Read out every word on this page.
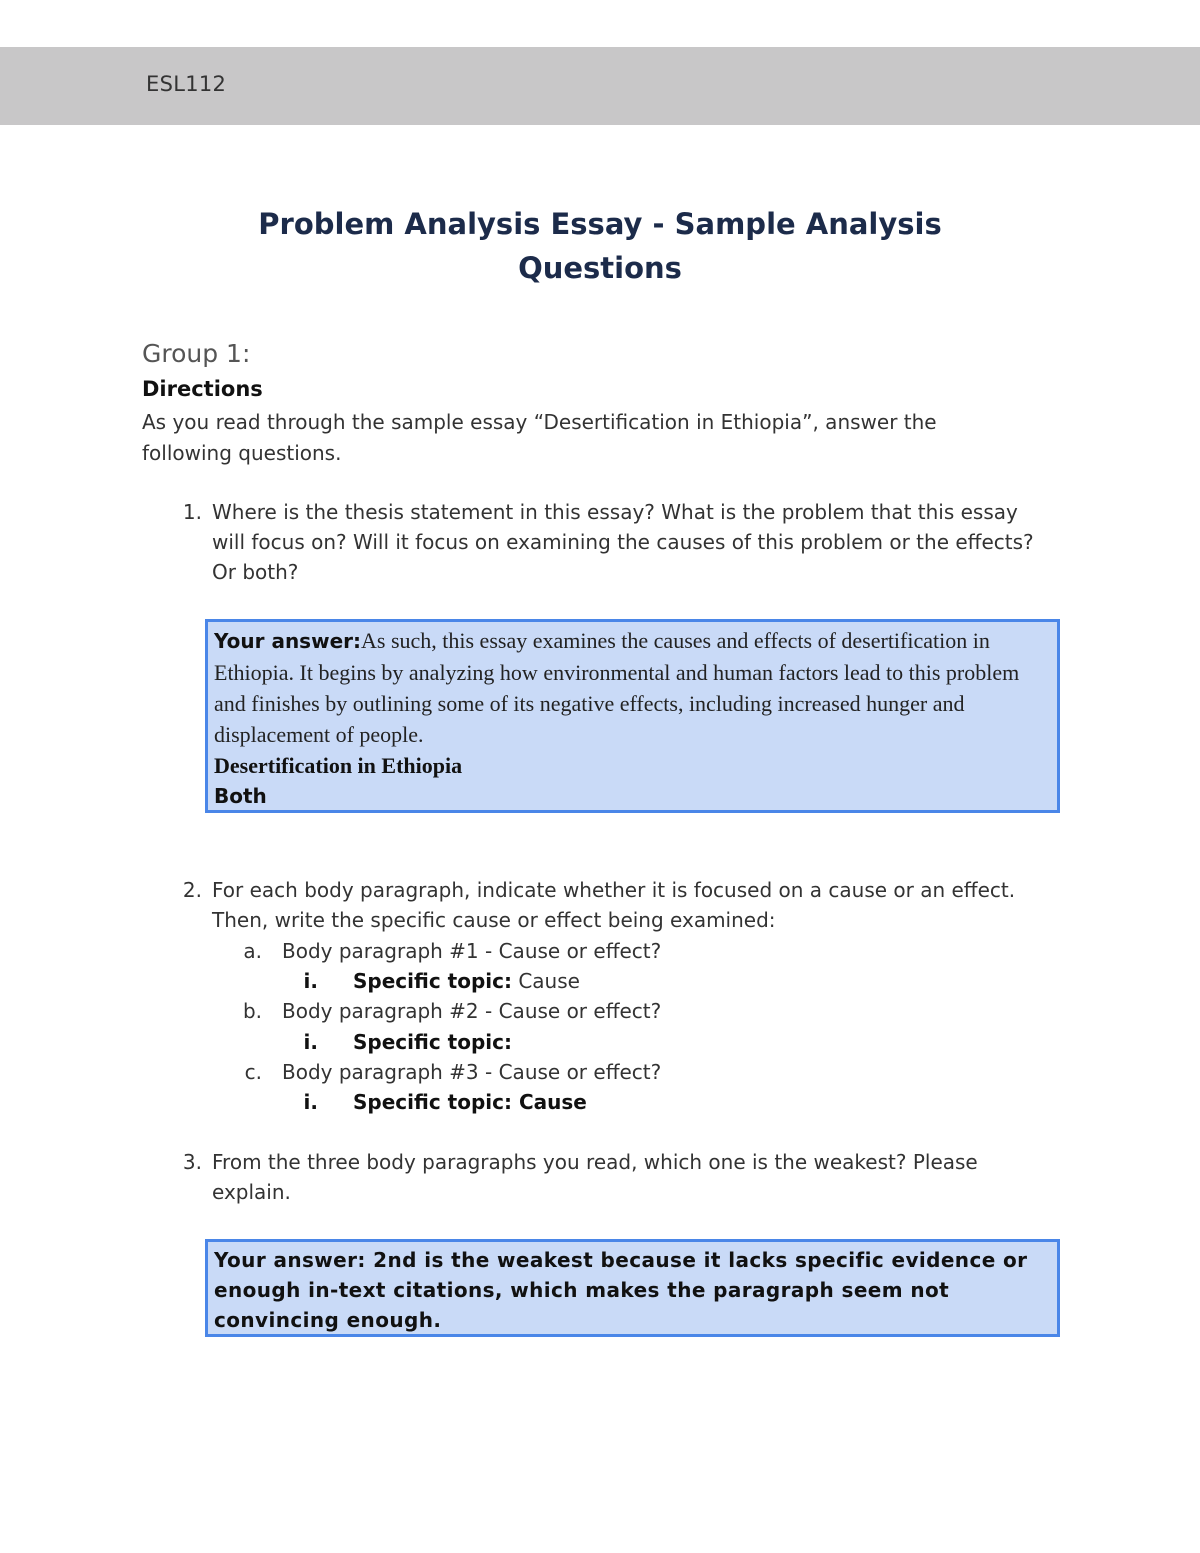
ESL112
Problem Analysis Essay - Sample Analysis
Questions
Group 1:
Directions
As you read through the sample essay “Desertification in Ethiopia”, answer the following questions.
1. Where is the thesis statement in this essay? What is the problem that this essay will focus on? Will it focus on examining the causes of this problem or the effects? Or both?
Your answer:As such, this essay examines the causes and effects of desertification in Ethiopia. It begins by analyzing how environmental and human factors lead to this problem and finishes by outlining some of its negative effects, including increased hunger and displacement of people.
Desertification in Ethiopia
Both
2. For each body paragraph, indicate whether it is focused on a cause or an effect. Then, write the specific cause or effect being examined:
a. Body paragraph #1 - Cause or effect?
i. Specific topic: Cause
b. Body paragraph #2 - Cause or effect?
i. Specific topic:
c. Body paragraph #3 - Cause or effect?
i. Specific topic: Cause
3. From the three body paragraphs you read, which one is the weakest? Please explain.
Your answer: 2nd is the weakest because it lacks specific evidence or enough in-text citations, which makes the paragraph seem not convincing enough.
